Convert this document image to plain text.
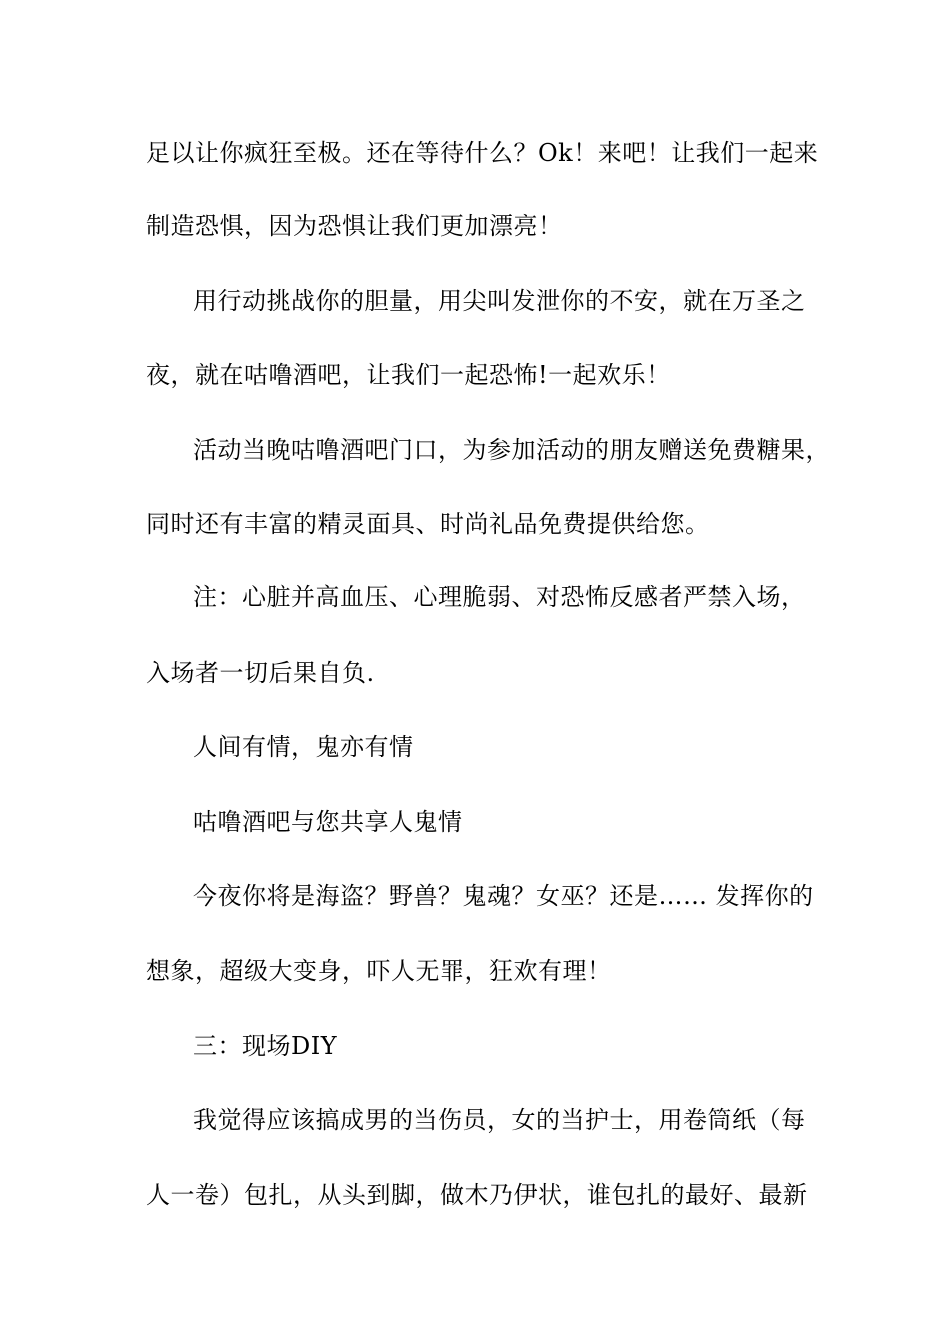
足以让你疯狂至极。还在等待什么？Ok！来吧！让我们一起来
制造恐惧，因为恐惧让我们更加漂亮！
用行动挑战你的胆量，用尖叫发泄你的不安，就在万圣之
夜，就在咕噜酒吧，让我们一起恐怖!一起欢乐！
活动当晚咕噜酒吧门口，为参加活动的朋友赠送免费糖果，
同时还有丰富的精灵面具、时尚礼品免费提供给您。
注：心脏并高血压、心理脆弱、对恐怖反感者严禁入场，
入场者一切后果自负.
人间有情，鬼亦有情
咕噜酒吧与您共享人鬼情
今夜你将是海盗？野兽？鬼魂？女巫？还是…… 发挥你的
想象，超级大变身，吓人无罪，狂欢有理！
三：现场DIY
我觉得应该搞成男的当伤员，女的当护士，用卷筒纸（每
人一卷）包扎，从头到脚，做木乃伊状，谁包扎的最好、最新
